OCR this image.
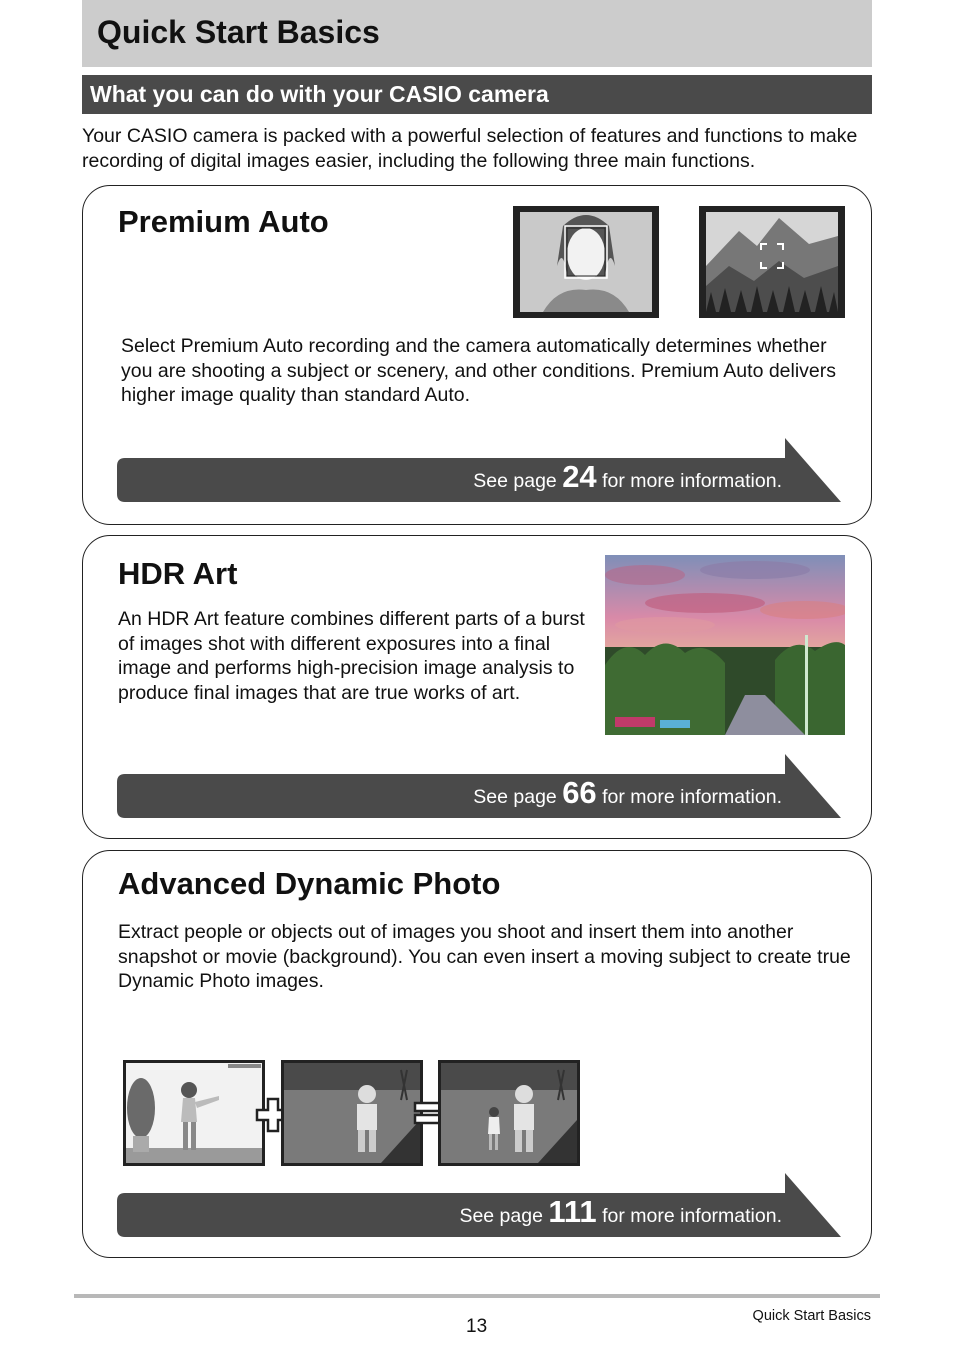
Quick Start Basics
What you can do with your CASIO camera
Your CASIO camera is packed with a powerful selection of features and functions to make recording of digital images easier, including the following three main functions.
Premium Auto

Select Premium Auto recording and the camera automatically determines whether you are shooting a subject or scenery, and other conditions. Premium Auto delivers higher image quality than standard Auto.

See page 24 for more information.
HDR Art

An HDR Art feature combines different parts of a burst of images shot with different exposures into a final image and performs high-precision image analysis to produce final images that are true works of art.

See page 66 for more information.
Advanced Dynamic Photo

Extract people or objects out of images you shoot and insert them into another snapshot or movie (background). You can even insert a moving subject to create true Dynamic Photo images.

See page 111 for more information.
13	Quick Start Basics
